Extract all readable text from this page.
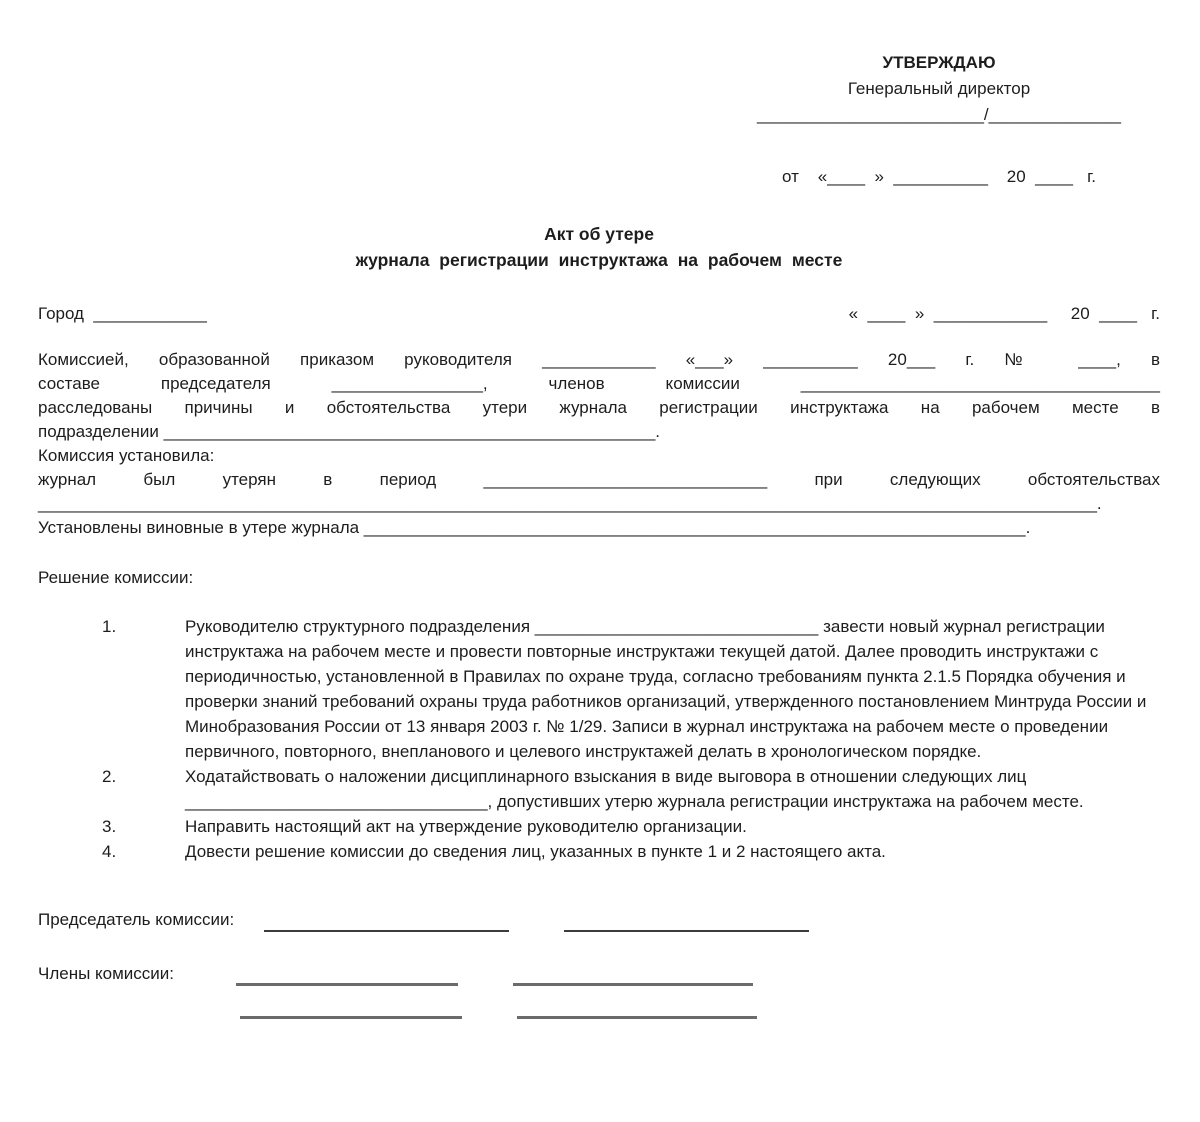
УТВЕРЖДАЮ
Генеральный директор
________________________/______________
от    «____  »  __________    20  ____   г.
Акт об утере
журнала регистрации инструктажа на рабочем месте
Город  ____________	«  ____  »  ____________     20  ____   г.
Комиссией, образованной приказом руководителя ____________ «___» __________ 20___ г. № ____, в
составе председателя ________________, членов комиссии ______________________________________
расследованы причины и обстоятельства утери журнала регистрации инструктажа на рабочем месте в
подразделении ____________________________________________________.
Комиссия установила:
журнал был утерян в период ______________________________ при следующих обстоятельствах
________________________________________________________________________________________________________________.
Установлены виновные в утере журнала ______________________________________________________________________.
Решение комиссии:
1.	Руководителю структурного подразделения ______________________________ завести новый журнал регистрации инструктажа на рабочем месте и провести повторные инструктажи текущей датой. Далее проводить инструктажи с периодичностью, установленной в Правилах по охране труда, согласно требованиям пункта 2.1.5 Порядка обучения и проверки знаний требований охраны труда работников организаций, утвержденного постановлением Минтруда России и Минобразования России от 13 января 2003 г. № 1/29. Записи в журнал инструктажа на рабочем месте о проведении первичного, повторного, внепланового и целевого инструктажей делать в хронологическом порядке.
2.	Ходатайствовать о наложении дисциплинарного взыскания в виде выговора в отношении следующих лиц ________________________________, допустивших утерю журнала регистрации инструктажа на рабочем месте.
3.	Направить настоящий акт на утверждение руководителю организации.
4.	Довести решение комиссии до сведения лиц, указанных в пункте 1 и 2 настоящего акта.
Председатель комиссии:
Члены комиссии:
